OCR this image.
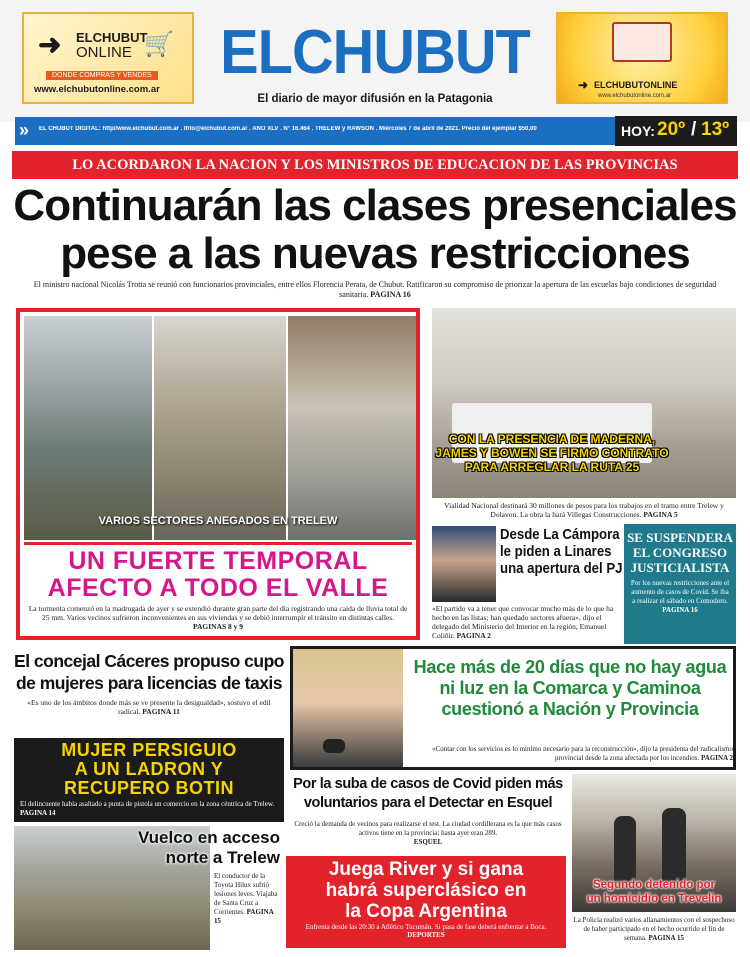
➜ ELCHUBUT
ONLINE 🛒
DONDE COMPRAS Y VENDES
www.elchubutonline.com.ar
ELCHUBUT
El diario de mayor difusión en la Patagonia
➜ ELCHUBUTONLINE
www.elchubutonline.com.ar
» EL CHUBUT DIGITAL: http//www.elchubut.com.ar . lfrlo@elchubut.com.ar . AÑO XLV . Nº 16.464 . TRELEW y RAWSON . Miércoles 7 de abril de 2021. Precio del ejemplar $50,00	HOY: 20º / 13º
LO ACORDARON LA NACION Y LOS MINISTROS DE EDUCACION DE LAS PROVINCIAS
Continuarán las clases presenciales
pese a las nuevas restricciones
El ministro nacional Nicolás Trotta se reunió con funcionarios provinciales, entre ellos Florencia Perata, de Chubut. Ratificaron su compromiso de priorizar la apertura de las escuelas bajo condiciones de seguridad sanitaria. PAGINA 16
VARIOS SECTORES ANEGADOS EN TRELEW
UN FUERTE TEMPORAL
AFECTO A TODO EL VALLE
La tormenta comenzó en la madrugada de ayer y se extendió durante gran parte del día registrando una caída de lluvia total de 25 mm. Varios vecinos sufrieron inconvenientes en sus viviendas y se debió interrumpir el tránsito en distintas calles. PAGINAS 8 y 9
CON LA PRESENCIA DE MADERNA,
JAMES Y BOWEN SE FIRMO CONTRATO
PARA ARREGLAR LA RUTA 25
Vialidad Nacional destinará 30 millones de pesos para los trabajos en el tramo entre Trelew y Dolavon. La obra la hará Villegas Construcciones. PAGINA 5
Desde La Cámpora
le piden a Linares
una apertura del PJ
«El partido va a tener que convocar mucho más de lo que ha hecho en las listas; han quedado sectores afuera», dijo el delegado del Ministerio del Interior en la región, Emanuel Coliñir. PAGINA 2
SE SUSPENDERA
EL CONGRESO
JUSTICIALISTA
Por los nuevas restricciones ante el aumento de casos de Covid. Se iba a realizar el sábado en Comodoro.
PAGINA 16
El concejal Cáceres propuso cupo
de mujeres para licencias de taxis
«Es uno de los ámbitos donde más se ve presente la desigualdad», sostuvo el edil radical. PAGINA 11
Hace más de 20 días que no hay agua
ni luz en la Comarca y Caminoa
cuestionó a Nación y Provincia
«Contar con los servicios es lo mínimo necesario para la reconstrucción», dijo la presidenta del radicalismo provincial desde la zona afectada por los incendios. PAGINA 2
MUJER PERSIGUIO
A UN LADRON Y
RECUPERO BOTIN
El delincuente había asaltado a punta de pistola un comercio en la zona céntrica de Trelew. PAGINA 14
Por la suba de casos de Covid piden más
voluntarios para el Detectar en Esquel
Creció la demanda de vecinos para realizarse el test. La ciudad cordillerana es la que más casos activos tiene en la provincia; hasta ayer eran 289.
ESQUEL
Vuelco en acceso
norte a Trelew
El conductor de la Toyota Hilux sufrió lesiones leves. Viajaba de Santa Cruz a Corrientes. PAGINA 15
Juega River y si gana
habrá superclásico en
la Copa Argentina
Enfrenta desde las 20:30 a Atlético Tucumán. Si pasa de fase deberá enfrentar a Boca. DEPORTES
Segundo detenido por
un homicidio en Trevelin
La Policía realizó varios allanamientos con el sospechoso de haber participado en el hecho ocurrido el fin de semana. PAGINA 15
